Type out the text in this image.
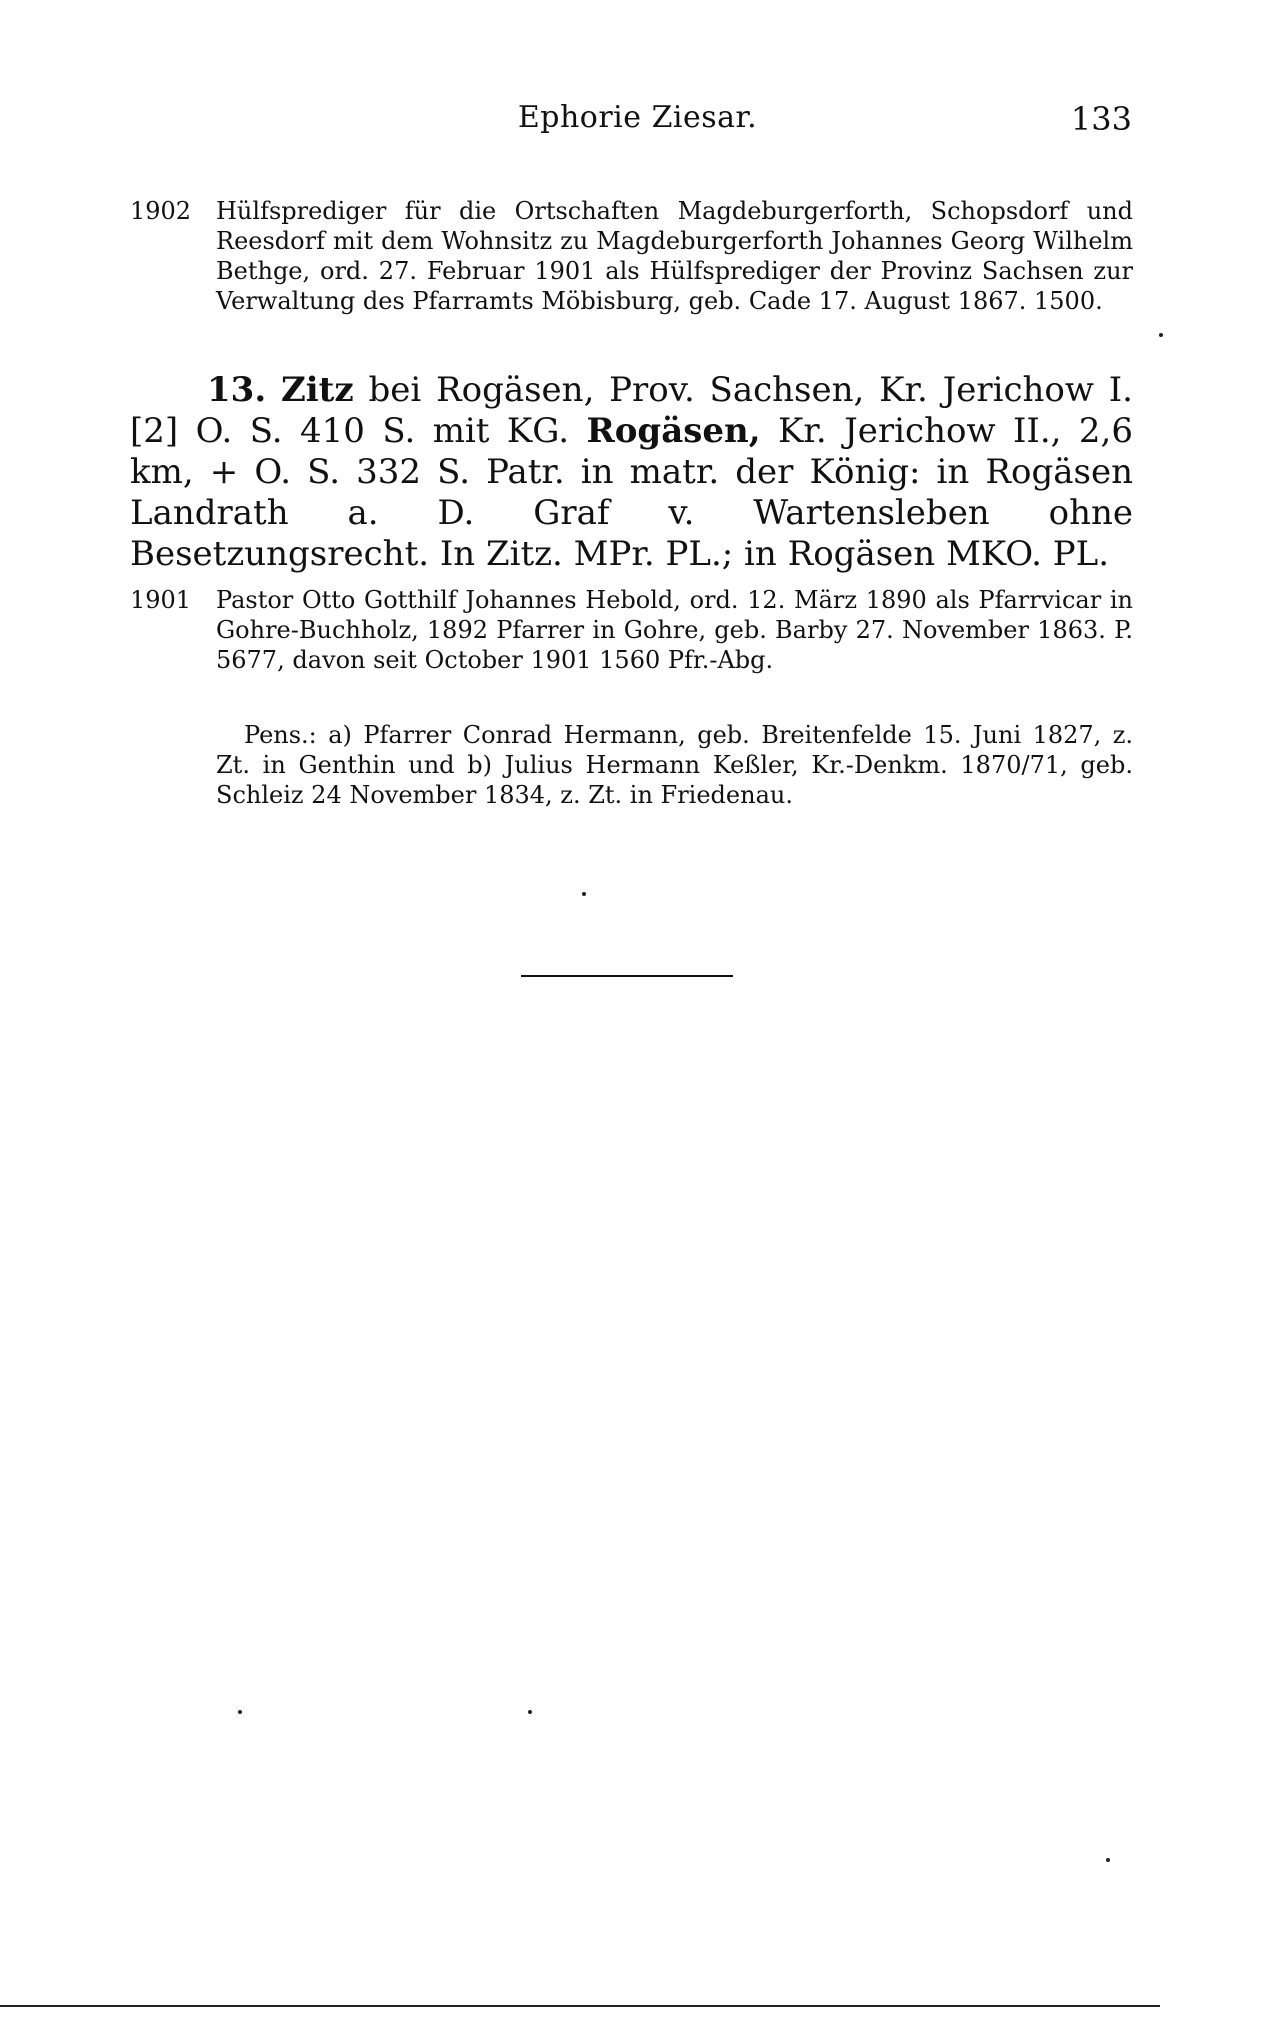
Ephorie Ziesar.	133
1902	Hülfsprediger für die Ortschaften Magdeburgerforth, Schopsdorf und Reesdorf mit dem Wohnsitz zu Magdeburgerforth Johannes Georg Wilhelm Bethge, ord. 27. Februar 1901 als Hülfsprediger der Provinz Sachsen zur Verwaltung des Pfarramts Möbisburg, geb. Cade 17. August 1867. 1500.
13. Zitz bei Rogäsen, Prov. Sachsen, Kr. Jerichow I. [2] O. S. 410 S. mit KG. Rogäsen, Kr. Jerichow II., 2,6 km, + O. S. 332 S. Patr. in matr. der König: in Rogäsen Landrath a. D. Graf v. Wartensleben ohne Besetzungsrecht. In Zitz. MPr. PL.; in Rogäsen MKO. PL.
1901	Pastor Otto Gotthilf Johannes Hebold, ord. 12. März 1890 als Pfarrvicar in Gohre-Buchholz, 1892 Pfarrer in Gohre, geb. Barby 27. November 1863. P. 5677, davon seit October 1901 1560 Pfr.-Abg.
Pens.: a) Pfarrer Conrad Hermann, geb. Breitenfelde 15. Juni 1827, z. Zt. in Genthin und b) Julius Hermann Keßler, Kr.-Denkm. 1870/71, geb. Schleiz 24 November 1834, z. Zt. in Friedenau.
